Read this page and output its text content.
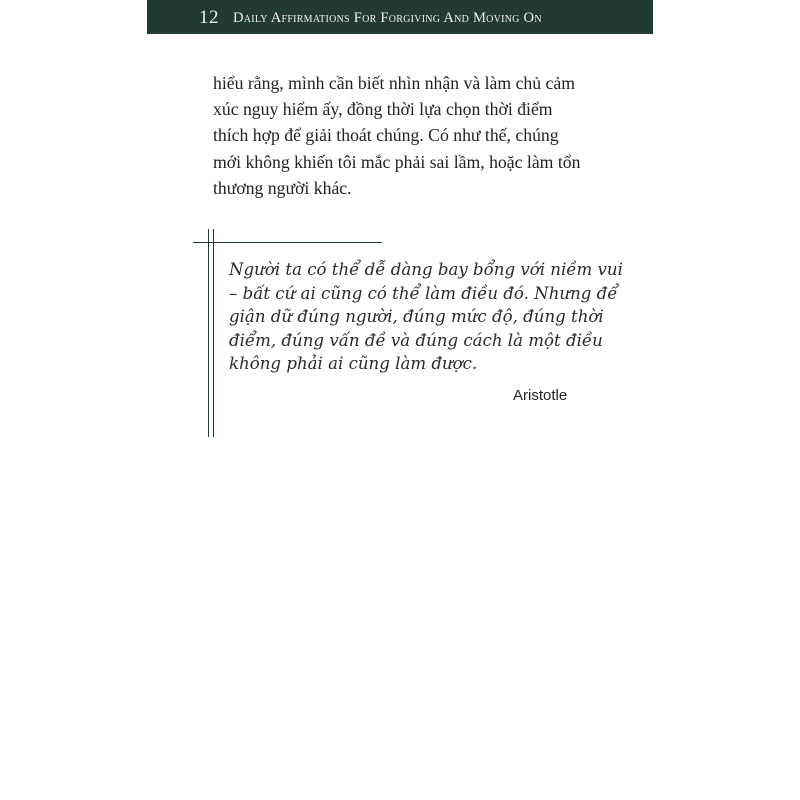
12 Daily Affirmations For Forgiving And Moving On
hiểu rằng, mình cần biết nhìn nhận và làm chủ cảm
xúc nguy hiểm ấy, đồng thời lựa chọn thời điểm
thích hợp để giải thoát chúng. Có như thế, chúng
mới không khiến tôi mắc phải sai lầm, hoặc làm tổn
thương người khác.
Người ta có thể dễ dàng bay bổng với niềm vui
– bất cứ ai cũng có thể làm điều đó. Nhưng để
giận dữ đúng người, đúng mức độ, đúng thời
điểm, đúng vấn đề và đúng cách là một điều
không phải ai cũng làm được.
Aristotle
